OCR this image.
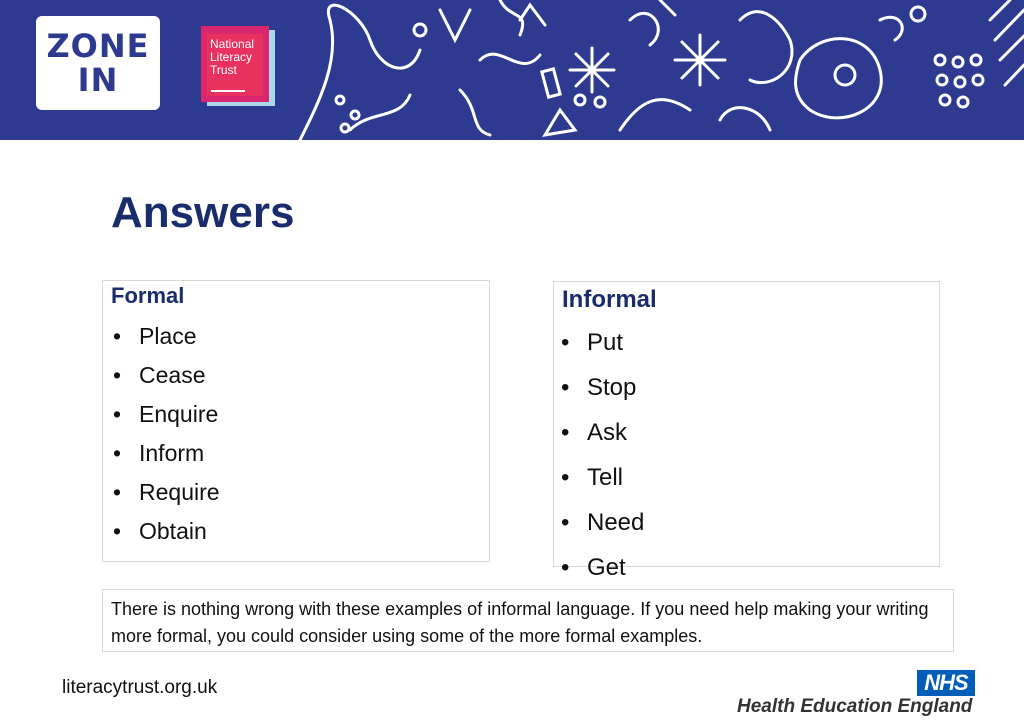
ZONE
IN
National Literacy Trust
Answers
Formal
• Place
• Cease
• Enquire
• Inform
• Require
• Obtain
Informal
• Put
• Stop
• Ask
• Tell
• Need
• Get
There is nothing wrong with these examples of informal language. If you need help making your writing more formal, you could consider using some of the more formal examples.
literacytrust.org.uk	NHS
Health Education England
